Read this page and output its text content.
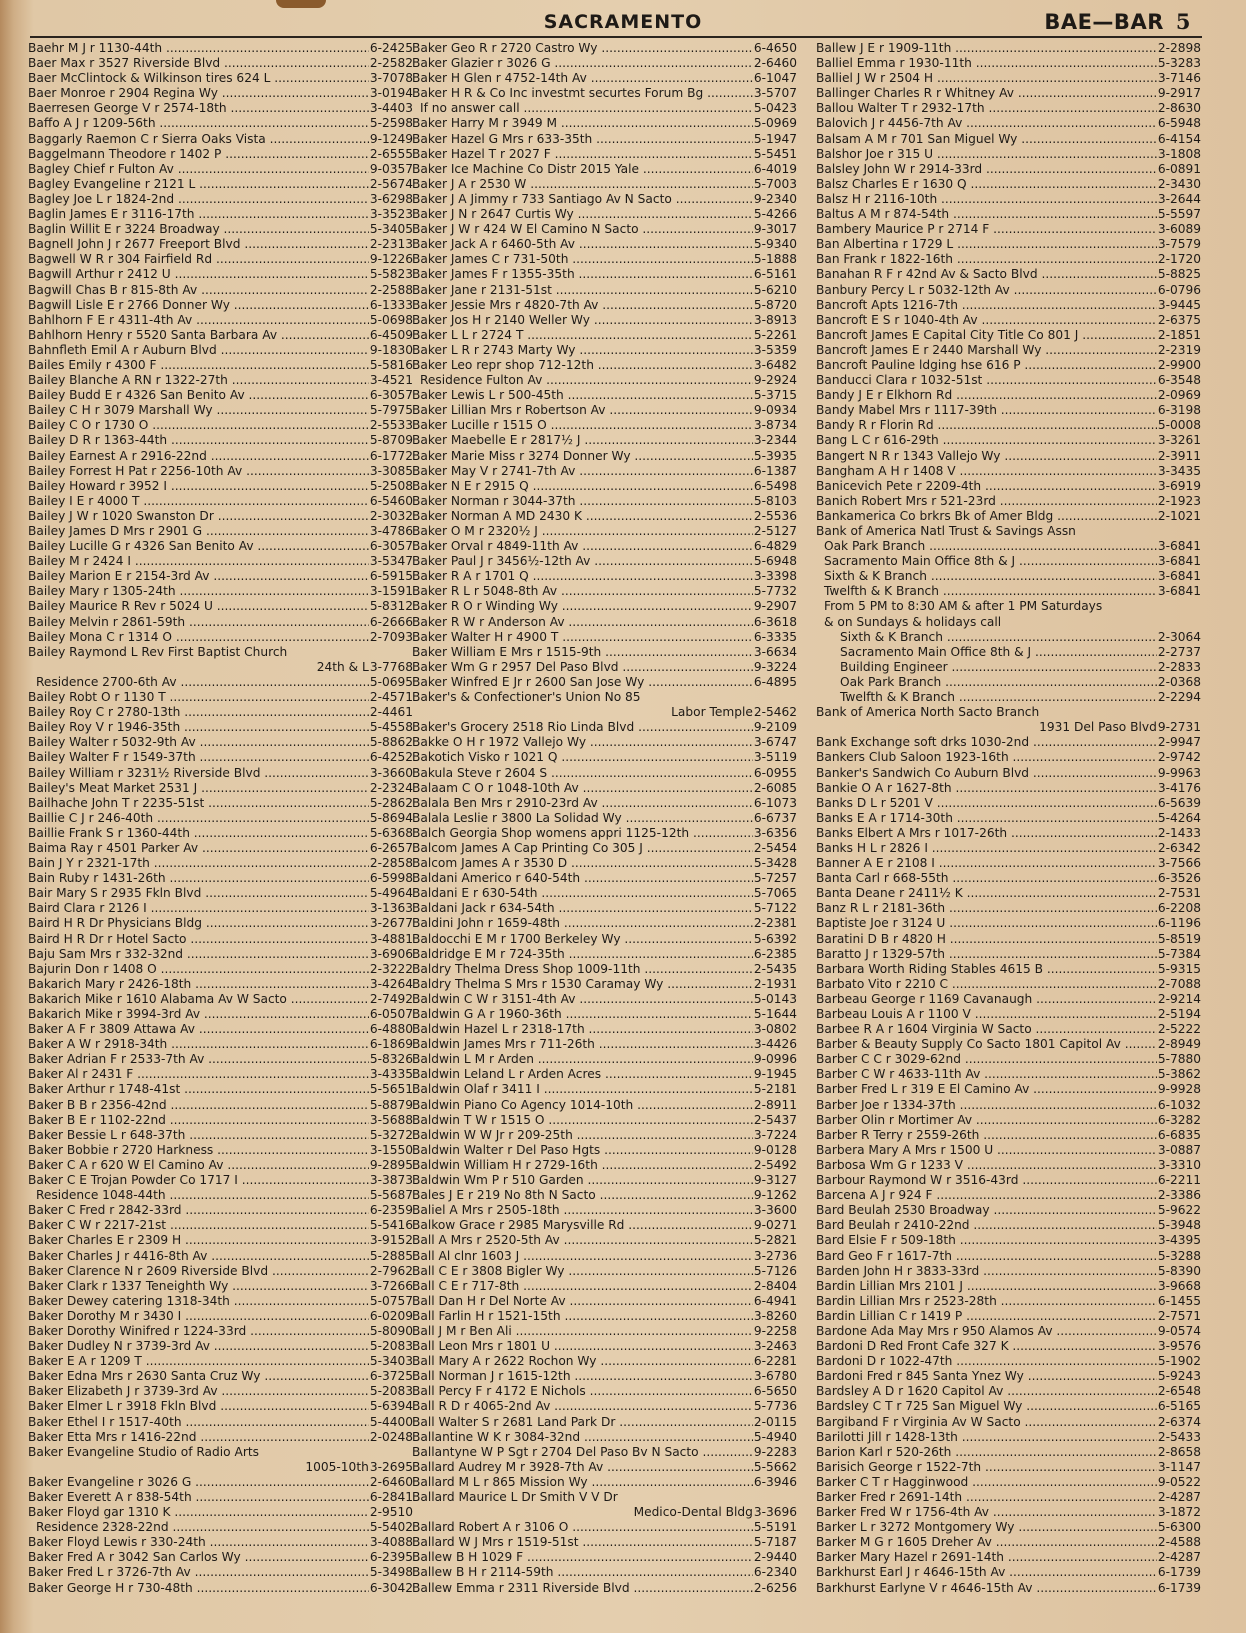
SACRAMENTO	BAE—BAR 5
Baehr M J r 1130-44th .....	6-2425
Baer Max r 3527 Riverside Blvd .....	2-2582
Baer McClintock & Wilkinson tires 624 L .....	3-7078
Baer Monroe r 2904 Regina Wy .....	3-0194
Baerresen George V r 2574-18th .....	3-4403
Baffo A J r 1209-56th .....	5-2598
Baggarly Raemon C r Sierra Oaks Vista .....	9-1249
Baggelmann Theodore r 1402 P .....	2-6555
Bagley Chief r Fulton Av .....	9-0357
Bagley Evangeline r 2121 L .....	2-5674
Bagley Joe L r 1824-2nd .....	3-6298
Baglin James E r 3116-17th .....	3-3523
Baglin Willit E r 3224 Broadway .....	5-3405
Bagnell John J r 2677 Freeport Blvd .....	2-2313
Bagwell W R r 304 Fairfield Rd .....	9-1226
Bagwill Arthur r 2412 U .....	5-5823
Bagwill Chas B r 815-8th Av .....	2-2588
Bagwill Lisle E r 2766 Donner Wy .....	6-1333
Bahlhorn F E r 4311-4th Av .....	5-0698
Bahlhorn Henry r 5520 Santa Barbara Av .....	6-4509
Bahnfleth Emil A r Auburn Blvd .....	9-1830
Bailes Emily r 4300 F .....	5-5816
Bailey Blanche A RN r 1322-27th .....	3-4521
Bailey Budd E r 4326 San Benito Av .....	6-3057
Bailey C H r 3079 Marshall Wy .....	5-7975
Bailey C O r 1730 O .....	2-5533
Bailey D R r 1363-44th .....	5-8709
Bailey Earnest A r 2916-22nd .....	6-1772
Bailey Forrest H Pat r 2256-10th Av .....	3-3085
Bailey Howard r 3952 I .....	5-2508
Bailey I E r 4000 T .....	6-5460
Bailey J W r 1020 Swanston Dr .....	2-3032
Bailey James D Mrs r 2901 G .....	3-4786
Bailey Lucille G r 4326 San Benito Av .....	6-3057
Bailey M r 2424 I .....	3-5347
Bailey Marion E r 2154-3rd Av .....	6-5915
Bailey Mary r 1305-24th .....	3-1591
Bailey Maurice R Rev r 5024 U .....	5-8312
Bailey Melvin r 2861-59th .....	6-2666
Bailey Mona C r 1314 O .....	2-7093
Bailey Raymond L Rev First Baptist Church
24th & L 3-7768
Residence 2700-6th Av .....	5-0695
Bailey Robt O r 1130 T .....	2-4571
Bailey Roy C r 2780-13th .....	2-4461
Bailey Roy V r 1946-35th .....	5-4558
Bailey Walter r 5032-9th Av .....	5-8862
Bailey Walter F r 1549-37th .....	6-4252
Bailey William r 3231½ Riverside Blvd .....	3-3660
Bailey's Meat Market 2531 J .....	2-2324
Bailhache John T r 2235-51st .....	5-2862
Baillie C J r 246-40th .....	5-8694
Baillie Frank S r 1360-44th .....	5-6368
Baima Ray r 4501 Parker Av .....	6-2657
Bain J Y r 2321-17th .....	2-2858
Bain Ruby r 1431-26th .....	6-5998
Bair Mary S r 2935 Fkln Blvd .....	5-4964
Baird Clara r 2126 I .....	3-1363
Baird H R Dr Physicians Bldg .....	3-2677
Baird H R Dr r Hotel Sacto .....	3-4881
Baju Sam Mrs r 332-32nd .....	3-6906
Bajurin Don r 1408 O .....	2-3222
Bakarich Mary r 2426-18th .....	3-4264
Bakarich Mike r 1610 Alabama Av W Sacto .....	2-7492
Bakarich Mike r 3994-3rd Av .....	6-0507
Baker A F r 3809 Attawa Av .....	6-4880
Baker A W r 2918-34th .....	6-1869
Baker Adrian F r 2533-7th Av .....	5-8326
Baker Al r 2431 F .....	3-4335
Baker Arthur r 1748-41st .....	5-5651
Baker B B r 2356-42nd .....	5-8879
Baker B E r 1102-22nd .....	3-5688
Baker Bessie L r 648-37th .....	5-3272
Baker Bobbie r 2720 Harkness .....	3-1550
Baker C A r 620 W El Camino Av .....	9-2895
Baker C E Trojan Powder Co 1717 I .....	3-3873
Residence 1048-44th .....	5-5687
Baker C Fred r 2842-33rd .....	6-2359
Baker C W r 2217-21st .....	5-5416
Baker Charles E r 2309 H .....	3-9152
Baker Charles J r 4416-8th Av .....	5-2885
Baker Clarence N r 2609 Riverside Blvd .....	2-7962
Baker Clark r 1337 Teneighth Wy .....	3-7266
Baker Dewey catering 1318-34th .....	5-0757
Baker Dorothy M r 3430 I .....	6-0209
Baker Dorothy Winifred r 1224-33rd .....	5-8090
Baker Dudley N r 3739-3rd Av .....	5-2083
Baker E A r 1209 T .....	5-3403
Baker Edna Mrs r 2630 Santa Cruz Wy .....	6-3725
Baker Elizabeth J r 3739-3rd Av .....	5-2083
Baker Elmer L r 3918 Fkln Blvd .....	5-6394
Baker Ethel I r 1517-40th .....	5-4400
Baker Etta Mrs r 1416-22nd .....	2-0248
Baker Evangeline Studio of Radio Arts
1005-10th 3-2695
Baker Evangeline r 3026 G .....	2-6460
Baker Everett A r 838-54th .....	6-2841
Baker Floyd gar 1310 K .....	2-9510
Residence 2328-22nd .....	5-5402
Baker Floyd Lewis r 330-24th .....	3-4088
Baker Fred A r 3042 San Carlos Wy .....	6-2395
Baker Fred L r 3726-7th Av .....	5-3498
Baker George H r 730-48th .....	6-3042
Baker Geo R r 2720 Castro Wy .....	6-4650
Baker Glazier r 3026 G .....	2-6460
Baker H Glen r 4752-14th Av .....	6-1047
Baker H R & Co Inc investmt securtes Forum Bg .....	3-5707
If no answer call .....	5-0423
Baker Harry M r 3949 M .....	5-0969
Baker Hazel G Mrs r 633-35th .....	5-1947
Baker Hazel T r 2027 F .....	5-5451
Baker Ice Machine Co Distr 2015 Yale .....	6-4019
Baker J A r 2530 W .....	5-7003
Baker J A Jimmy r 733 Santiago Av N Sacto .....	9-2340
Baker J N r 2647 Curtis Wy .....	5-4266
Baker J W r 424 W El Camino N Sacto .....	9-3017
Baker Jack A r 6460-5th Av .....	5-9340
Baker James C r 731-50th .....	5-1888
Baker James F r 1355-35th .....	6-5161
Baker Jane r 2131-51st .....	5-6210
Baker Jessie Mrs r 4820-7th Av .....	5-8720
Baker Jos H r 2140 Weller Wy .....	3-8913
Baker L L r 2724 T .....	5-2261
Baker L R r 2743 Marty Wy .....	3-5359
Baker Leo repr shop 712-12th .....	3-6482
Residence Fulton Av .....	9-2924
Baker Lewis L r 500-45th .....	5-3715
Baker Lillian Mrs r Robertson Av .....	9-0934
Baker Lucille r 1515 O .....	3-8734
Baker Maebelle E r 2817½ J .....	3-2344
Baker Marie Miss r 3274 Donner Wy .....	5-3935
Baker May V r 2741-7th Av .....	6-1387
Baker N E r 2915 Q .....	6-5498
Baker Norman r 3044-37th .....	5-8103
Baker Norman A MD 2430 K .....	2-5536
Baker O M r 2320½ J .....	2-5127
Baker Orval r 4849-11th Av .....	6-4829
Baker Paul J r 3456½-12th Av .....	5-6948
Baker R A r 1701 Q .....	3-3398
Baker R L r 5048-8th Av .....	5-7732
Baker R O r Winding Wy .....	9-2907
Baker R W r Anderson Av .....	6-3618
Baker Walter H r 4900 T .....	6-3335
Baker William E Mrs r 1515-9th .....	3-6634
Baker Wm G r 2957 Del Paso Blvd .....	9-3224
Baker Winfred E Jr r 2600 San Jose Wy .....	6-4895
Baker's & Confectioner's Union No 85
Labor Temple 2-5462
Baker's Grocery 2518 Rio Linda Blvd .....	9-2109
Bakke O H r 1972 Vallejo Wy .....	3-6747
Bakotich Visko r 1021 Q .....	3-5119
Bakula Steve r 2604 S .....	6-0955
Balaam C O r 1048-10th Av .....	2-6085
Balala Ben Mrs r 2910-23rd Av .....	6-1073
Balala Leslie r 3800 La Solidad Wy .....	6-6737
Balch Georgia Shop womens appri 1125-12th .....	3-6356
Balcom James A Cap Printing Co 305 J .....	2-5454
Balcom James A r 3530 D .....	5-3428
Baldani Americo r 640-54th .....	5-7257
Baldani E r 630-54th .....	5-7065
Baldani Jack r 634-54th .....	5-7122
Baldini John r 1659-48th .....	2-2381
Baldocchi E M r 1700 Berkeley Wy .....	5-6392
Baldridge E M r 724-35th .....	6-2385
Baldry Thelma Dress Shop 1009-11th .....	2-5435
Baldry Thelma S Mrs r 1530 Caramay Wy .....	2-1931
Baldwin C W r 3151-4th Av .....	5-0143
Baldwin G A r 1960-36th .....	5-1644
Baldwin Hazel L r 2318-17th .....	3-0802
Baldwin James Mrs r 711-26th .....	3-4426
Baldwin L M r Arden .....	9-0996
Baldwin Leland L r Arden Acres .....	9-1945
Baldwin Olaf r 3411 I .....	5-2181
Baldwin Piano Co Agency 1014-10th .....	2-8911
Baldwin T W r 1515 O .....	2-5437
Baldwin W W Jr r 209-25th .....	3-7224
Baldwin Walter r Del Paso Hgts .....	9-0128
Baldwin William H r 2729-16th .....	2-5492
Baldwin Wm P r 510 Garden .....	9-3127
Bales J E r 219 No 8th N Sacto .....	9-1262
Baliel A Mrs r 2505-18th .....	3-3600
Balkow Grace r 2985 Marysville Rd .....	9-0271
Ball A Mrs r 2520-5th Av .....	5-2821
Ball Al clnr 1603 J .....	3-2736
Ball C E r 3808 Bigler Wy .....	5-7126
Ball C E r 717-8th .....	2-8404
Ball Dan H r Del Norte Av .....	6-4941
Ball Farlin H r 1521-15th .....	3-8260
Ball J M r Ben Ali .....	9-2258
Ball Leon Mrs r 1801 U .....	3-2463
Ball Mary A r 2622 Rochon Wy .....	6-2281
Ball Norman J r 1615-12th .....	3-6780
Ball Percy F r 4172 E Nichols .....	6-5650
Ball R D r 4065-2nd Av .....	5-7736
Ball Walter S r 2681 Land Park Dr .....	2-0115
Ballantine W K r 3084-32nd .....	5-4940
Ballantyne W P Sgt r 2704 Del Paso Bv N Sacto .....	9-2283
Ballard Audrey M r 3928-7th Av .....	5-5662
Ballard M L r 865 Mission Wy .....	6-3946
Ballard Maurice L Dr Smith V V Dr
Medico-Dental Bldg 3-3696
Ballard Robert A r 3106 O .....	5-5191
Ballard W J Mrs r 1519-51st .....	5-7187
Ballew B H 1029 F .....	2-9440
Ballew B H r 2114-59th .....	6-2340
Ballew Emma r 2311 Riverside Blvd .....	2-6256
Ballew J E r 1909-11th .....	2-2898
Balliel Emma r 1930-11th .....	5-3283
Balliel J W r 2504 H .....	3-7146
Ballinger Charles R r Whitney Av .....	9-2917
Ballou Walter T r 2932-17th .....	2-8630
Balovich J r 4456-7th Av .....	6-5948
Balsam A M r 701 San Miguel Wy .....	6-4154
Balshor Joe r 315 U .....	3-1808
Balsley John W r 2914-33rd .....	6-0891
Balsz Charles E r 1630 Q .....	2-3430
Balsz H r 2116-10th .....	3-2644
Baltus A M r 874-54th .....	5-5597
Bambery Maurice P r 2714 F .....	3-6089
Ban Albertina r 1729 L .....	3-7579
Ban Frank r 1822-16th .....	2-1720
Banahan R F r 42nd Av & Sacto Blvd .....	5-8825
Banbury Percy L r 5032-12th Av .....	6-0796
Bancroft Apts 1216-7th .....	3-9445
Bancroft E S r 1040-4th Av .....	2-6375
Bancroft James E Capital City Title Co 801 J .....	2-1851
Bancroft James E r 2440 Marshall Wy .....	2-2319
Bancroft Pauline ldging hse 616 P .....	2-9900
Banducci Clara r 1032-51st .....	6-3548
Bandy J E r Elkhorn Rd .....	2-0969
Bandy Mabel Mrs r 1117-39th .....	6-3198
Bandy R r Florin Rd .....	5-0008
Bang L C r 616-29th .....	3-3261
Bangert N R r 1343 Vallejo Wy .....	2-3911
Bangham A H r 1408 V .....	3-3435
Banicevich Pete r 2209-4th .....	3-6919
Banich Robert Mrs r 521-23rd .....	2-1923
Bankamerica Co brkrs Bk of Amer Bldg .....	2-1021
Bank of America Natl Trust & Savings Assn
Oak Park Branch .....	3-6841
Sacramento Main Office 8th & J .....	3-6841
Sixth & K Branch .....	3-6841
Twelfth & K Branch .....	3-6841
From 5 PM to 8:30 AM & after 1 PM Saturdays
& on Sundays & holidays call
Sixth & K Branch .....	2-3064
Sacramento Main Office 8th & J .....	2-2737
Building Engineer .....	2-2833
Oak Park Branch .....	2-0368
Twelfth & K Branch .....	2-2294
Bank of America North Sacto Branch
1931 Del Paso Blvd 9-2731
Bank Exchange soft drks 1030-2nd .....	2-9947
Bankers Club Saloon 1923-16th .....	2-9742
Banker's Sandwich Co Auburn Blvd .....	9-9963
Bankie O A r 1627-8th .....	3-4176
Banks D L r 5201 V .....	6-5639
Banks E A r 1714-30th .....	5-4264
Banks Elbert A Mrs r 1017-26th .....	2-1433
Banks H L r 2826 I .....	2-6342
Banner A E r 2108 I .....	3-7566
Banta Carl r 668-55th .....	6-3526
Banta Deane r 2411½ K .....	2-7531
Banz R L r 2181-36th .....	6-2208
Baptiste Joe r 3124 U .....	6-1196
Baratini D B r 4820 H .....	5-8519
Baratto J r 1329-57th .....	5-7384
Barbara Worth Riding Stables 4615 B .....	5-9315
Barbato Vito r 2210 C .....	2-7088
Barbeau George r 1169 Cavanaugh .....	2-9214
Barbeau Louis A r 1100 V .....	2-5194
Barbee R A r 1604 Virginia W Sacto .....	2-5222
Barber & Beauty Supply Co Sacto 1801 Capitol Av .....	2-8949
Barber C C r 3029-62nd .....	5-7880
Barber C W r 4633-11th Av .....	5-3862
Barber Fred L r 319 E El Camino Av .....	9-9928
Barber Joe r 1334-37th .....	6-1032
Barber Olin r Mortimer Av .....	6-3282
Barber R Terry r 2559-26th .....	6-6835
Barbera Mary A Mrs r 1500 U .....	3-0887
Barbosa Wm G r 1233 V .....	3-3310
Barbour Raymond W r 3516-43rd .....	6-2211
Barcena A J r 924 F .....	2-3386
Bard Beulah 2530 Broadway .....	5-9622
Bard Beulah r 2410-22nd .....	5-3948
Bard Elsie F r 509-18th .....	3-4395
Bard Geo F r 1617-7th .....	5-3288
Barden John H r 3833-33rd .....	5-8390
Bardin Lillian Mrs 2101 J .....	3-9668
Bardin Lillian Mrs r 2523-28th .....	6-1455
Bardin Lillian C r 1419 P .....	2-7571
Bardone Ada May Mrs r 950 Alamos Av .....	9-0574
Bardoni D Red Front Cafe 327 K .....	3-9576
Bardoni D r 1022-47th .....	5-1902
Bardoni Fred r 845 Santa Ynez Wy .....	5-9243
Bardsley A D r 1620 Capitol Av .....	2-6548
Bardsley C T r 725 San Miguel Wy .....	6-5165
Bargiband F r Virginia Av W Sacto .....	2-6374
Barilotti Jill r 1428-13th .....	2-5433
Barion Karl r 520-26th .....	2-8658
Barisich George r 1522-7th .....	3-1147
Barker C T r Hagginwood .....	9-0522
Barker Fred r 2691-14th .....	2-4287
Barker Fred W r 1756-4th Av .....	3-1872
Barker L r 3272 Montgomery Wy .....	5-6300
Barker M G r 1605 Dreher Av .....	2-4588
Barker Mary Hazel r 2691-14th .....	2-4287
Barkhurst Earl J r 4646-15th Av .....	6-1739
Barkhurst Earlyne V r 4646-15th Av .....	6-1739
